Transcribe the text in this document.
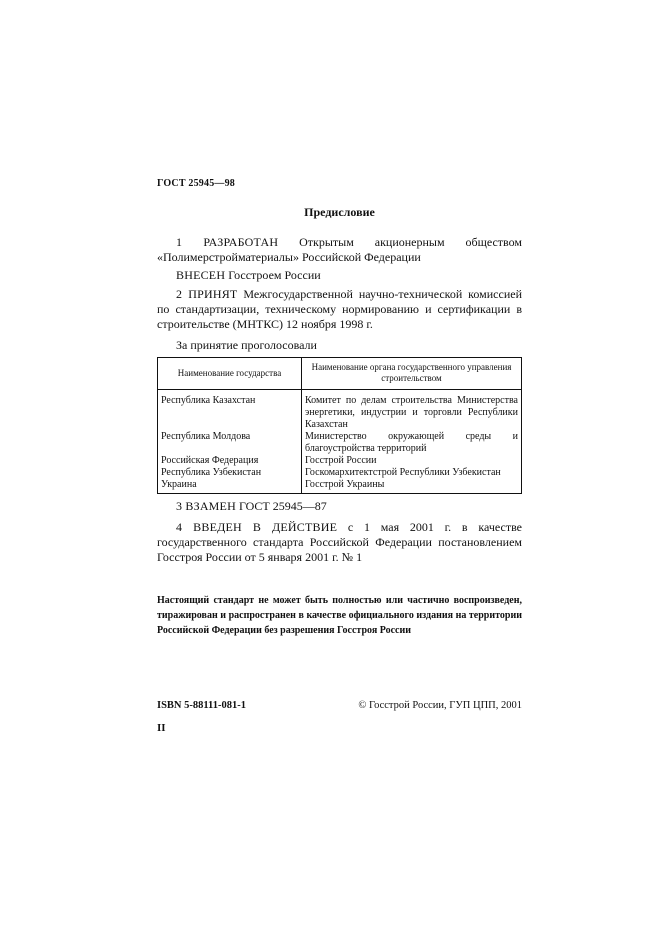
ГОСТ 25945—98
Предисловие

1 РАЗРАБОТАН Открытым акционерным обществом «Полимерстройматериалы» Российской Федерации

ВНЕСЕН Госстроем России

2 ПРИНЯТ Межгосударственной научно-технической комиссией по стандартизации, техническому нормированию и сертификации в строительстве (МНТКС) 12 ноября 1998 г.

За принятие проголосовали

Наименование государства	Наименование органа государственного управления строительством
Республика Казахстан	Комитет по делам строительства Министерства энергетики, индустрии и торговли Республики Казахстан
Республика Молдова	Министерство окружающей среды и благоустройства территорий
Российская Федерация	Госстрой России
Республика Узбекистан	Госкомархитектстрой Республики Узбекистан
Украина	Госстрой Украины

3 ВЗАМЕН ГОСТ 25945—87

4 ВВЕДЕН В ДЕЙСТВИЕ с 1 мая 2001 г. в качестве государственного стандарта Российской Федерации постановлением Госстроя России от 5 января 2001 г. № 1

Настоящий стандарт не может быть полностью или частично воспроизведен, тиражирован и распространен в качестве официального издания на территории Российской Федерации без разрешения Госстроя России

ISBN 5-88111-081-1	© Госстрой России, ГУП ЦПП, 2001
II
